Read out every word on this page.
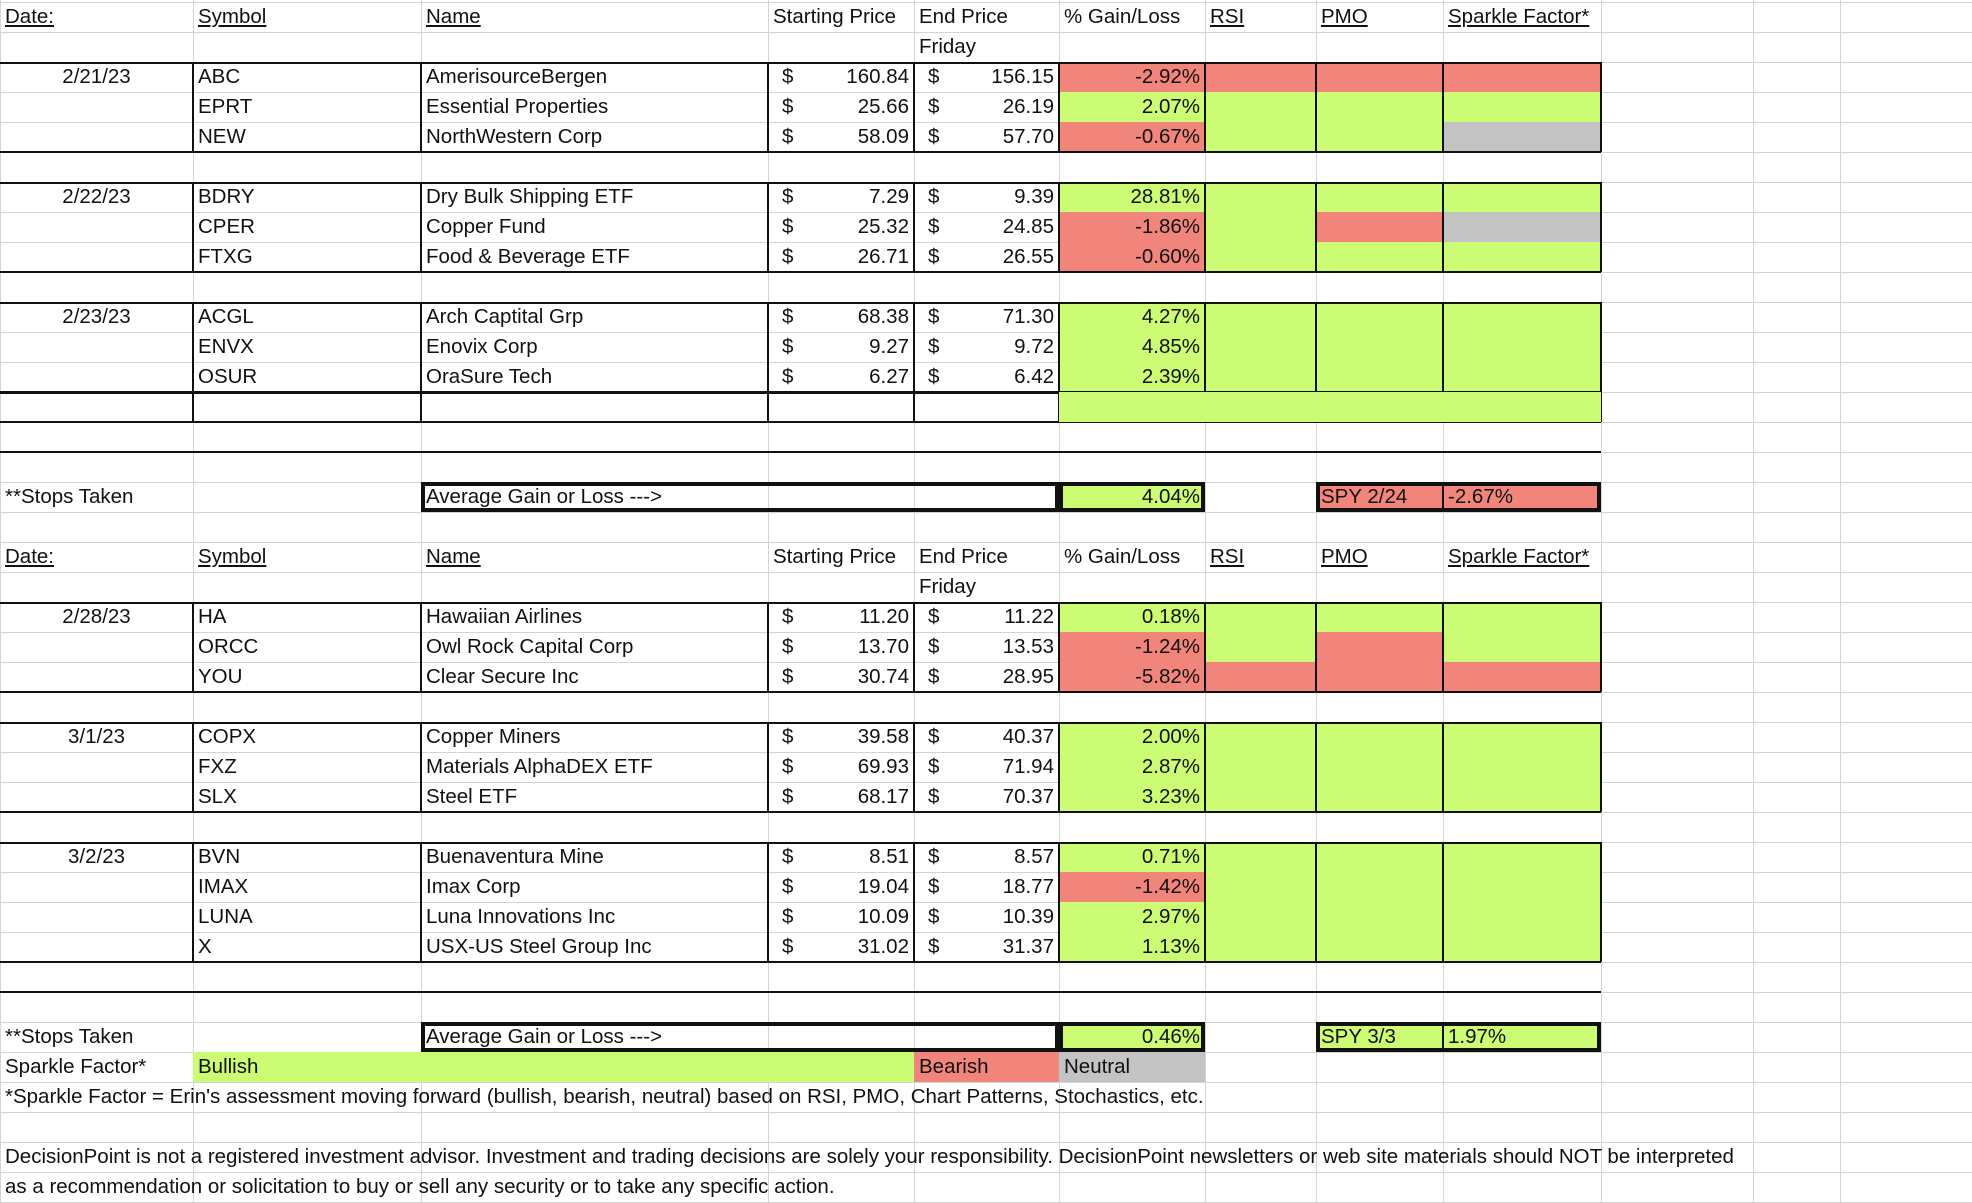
Date:	Symbol	Name	Starting Price	End Price	% Gain/Loss	RSI	PMO	Sparkle Factor*
Friday
2/21/23	ABC	AmerisourceBergen	$	160.84 $	156.15	-2.92%
EPRT	Essential Properties	$	25.66 $	26.19	2.07%
NEW	NorthWestern Corp	$	58.09 $	57.70	-0.67%
2/22/23	BDRY	Dry Bulk Shipping ETF	$	7.29 $	9.39	28.81%
CPER	Copper Fund	$	25.32 $	24.85	-1.86%
FTXG	Food & Beverage ETF	$	26.71 $	26.55	-0.60%
2/23/23	ACGL	Arch Captital Grp	$	68.38 $	71.30	4.27%
ENVX	Enovix Corp	$	9.27 $	9.72	4.85%
OSUR	OraSure Tech	$	6.27 $	6.42	2.39%
**Stops Taken	Average Gain or Loss --->	4.04%	SPY 2/24	-2.67%
Date:	Symbol	Name	Starting Price	End Price	% Gain/Loss	RSI	PMO	Sparkle Factor*
Friday
2/28/23	HA	Hawaiian Airlines	$	11.20 $	11.22	0.18%
ORCC	Owl Rock Capital Corp	$	13.70 $	13.53	-1.24%
YOU	Clear Secure Inc	$	30.74 $	28.95	-5.82%
3/1/23	COPX	Copper Miners	$	39.58 $	40.37	2.00%
FXZ	Materials AlphaDEX ETF	$	69.93 $	71.94	2.87%
SLX	Steel ETF	$	68.17 $	70.37	3.23%
3/2/23	BVN	Buenaventura Mine	$	8.51 $	8.57	0.71%
IMAX	Imax Corp	$	19.04 $	18.77	-1.42%
LUNA	Luna Innovations Inc	$	10.09 $	10.39	2.97%
X	USX-US Steel Group Inc	$	31.02 $	31.37	1.13%
**Stops Taken	Average Gain or Loss --->	0.46%	SPY 3/3	1.97%
Sparkle Factor*	Bullish	Bearish	Neutral
*Sparkle Factor = Erin's assessment moving forward (bullish, bearish, neutral) based on RSI, PMO, Chart Patterns, Stochastics, etc.
DecisionPoint is not a registered investment advisor. Investment and trading decisions are solely your responsibility. DecisionPoint newsletters or web site materials should NOT be interpreted
as a recommendation or solicitation to buy or sell any security or to take any specific action.
